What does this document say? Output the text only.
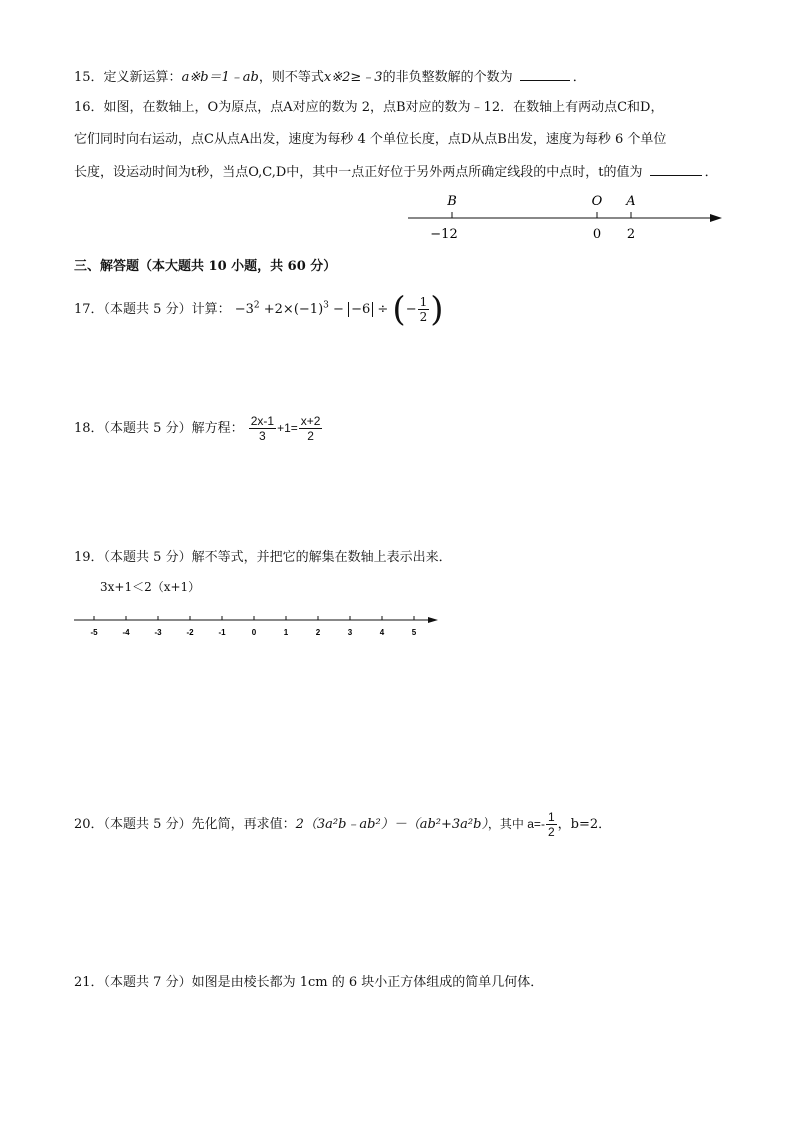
15．定义新运算：a※b＝1﹣ab，则不等式x※2≥﹣3的非负整数解的个数为	．
16．如图，在数轴上，O为原点，点A对应的数为 2，点B对应的数为﹣12．在数轴上有两动点C和D，
它们同时向右运动，点C从点A出发，速度为每秒 4 个单位长度，点D从点B出发，速度为每秒 6 个单位
长度，设运动时间为t秒，当点O,C,D中，其中一点正好位于另外两点所确定线段的中点时，t的值为	．
B	O A
−12	0 2
三、解答题（本大题共 10 小题，共 60 分）
17．（本题共 5 分）计算： $-3^2 +2\times(-1)^3 - -6$ ÷ (− $\frac{1}{2}$ )
18．（本题共 5 分）解方程： $\frac{2x-1}{3} +1= \frac{x+2}{2}$
19．（本题共 5 分）解不等式，并把它的解集在数轴上表示出来．
3x+1＜2（x+1）
-5	-4	-3	-2	-1	0	1	2	3	4	5
20．（本题共 5 分）先化简，再求值：2（3a²b﹣ab²）－（ab²+3a²b），其中 $a=- \frac{1}{2}$ ，b=2．
21．（本题共 7 分）如图是由棱长都为 1cm 的 6 块小正方体组成的简单几何体．
